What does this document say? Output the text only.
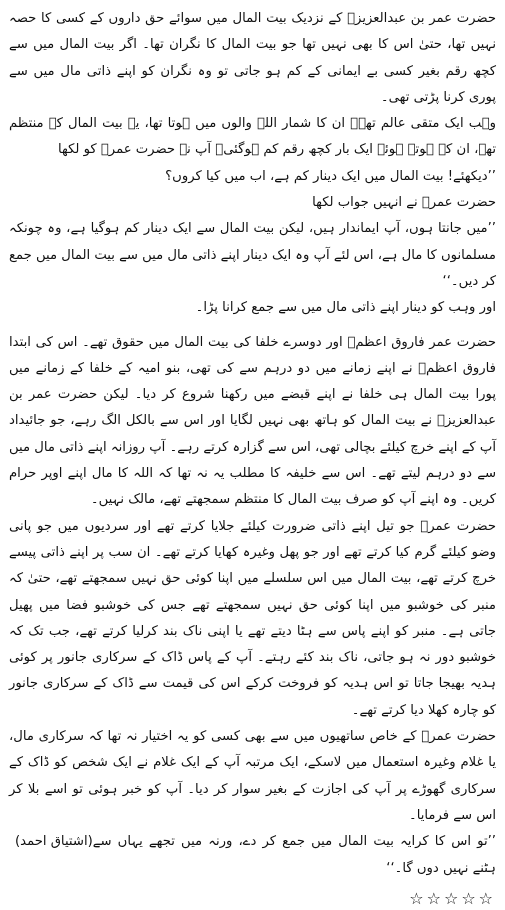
حضرت عمر بن عبدالعزیزؒ کے نزدیک بیت المال میں سوائے حق داروں کے کسی کا حصہ نہیں تھا، حتیٰ اس کا بھی نہیں تھا جو بیت المال کا نگران تھا۔ اگر بیت المال میں سے کچھ رقم بغیر کسی بے ایمانی کے کم ہو جاتی تو وہ نگران کو اپنے ذاتی مال میں سے پوری کرنا پڑتی تھی۔

وہب ایک متقی عالم تھے۔ ان کا شمار اللہ والوں میں ہوتا تھا، یہ بیت المال کے منتظم تھے، ان کے ہوتے ہوئے ایک بار کچھ رقم کم ہوگئی۔ آپ نے حضرت عمرؒ کو لکھا

’’دیکھئے! بیت المال میں ایک دینار کم ہے، اب میں کیا کروں؟

حضرت عمرؒ نے انہیں جواب لکھا

’’میں جانتا ہوں، آپ ایماندار ہیں، لیکن بیت المال سے ایک دینار کم ہوگیا ہے، وہ چونکہ مسلمانوں کا مال ہے، اس لئے آپ وہ ایک دینار اپنے ذاتی مال میں سے بیت المال میں جمع کر دیں۔‘‘

اور وہب کو دینار اپنے ذاتی مال میں سے جمع کرانا پڑا۔

حضرت عمر فاروق اعظمؓ اور دوسرے خلفا کی بیت المال میں حقوق تھے۔ اس کی ابتدا فاروق اعظمؓ نے اپنے زمانے میں دو درہم سے کی تھی، بنو امیہ کے خلفا کے زمانے میں پورا بیت المال ہی خلفا نے اپنے قبضے میں رکھنا شروع کر دیا۔ لیکن حضرت عمر بن عبدالعزیزؒ نے بیت المال کو ہاتھ بھی نہیں لگایا اور اس سے بالکل الگ رہے، جو جائیداد آپ کے اپنے خرچ کیلئے بچالی تھی، اس سے گزارہ کرتے رہے۔ آپ روزانہ اپنے ذاتی مال میں سے دو درہم لیتے تھے۔ اس سے خلیفہ کا مطلب یہ نہ تھا کہ اللہ کا مال اپنے اوپر حرام کریں۔ وہ اپنے آپ کو صرف بیت المال کا منتظم سمجھتے تھے، مالک نہیں۔

حضرت عمرؒ جو تیل اپنے ذاتی ضرورت کیلئے جلایا کرتے تھے اور سردیوں میں جو پانی وضو کیلئے گرم کیا کرتے تھے اور جو پھل وغیرہ کھایا کرتے تھے۔ ان سب پر اپنے ذاتی پیسے خرچ کرتے تھے، بیت المال میں اس سلسلے میں اپنا کوئی حق نہیں سمجھتے تھے، حتیٰ کہ منبر کی خوشبو میں اپنا کوئی حق نہیں سمجھتے تھے جس کی خوشبو فضا میں پھیل جاتی ہے۔ منبر کو اپنے پاس سے ہٹا دیتے تھے یا اپنی ناک بند کرلیا کرتے تھے، جب تک کہ خوشبو دور نہ ہو جاتی، ناک بند کئے رہتے۔ آپ کے پاس ڈاک کے سرکاری جانور پر کوئی ہدیہ بھیجا جاتا تو اس ہدیہ کو فروخت کرکے اس کی قیمت سے ڈاک کے سرکاری جانور کو چارہ کھلا دیا کرتے تھے۔

حضرت عمرؒ کے خاص ساتھیوں میں سے بھی کسی کو یہ اختیار نہ تھا کہ سرکاری مال، یا غلام وغیرہ استعمال میں لاسکے، ایک مرتبہ آپ کے ایک غلام نے ایک شخص کو ڈاک کے سرکاری گھوڑے پر آپ کی اجازت کے بغیر سوار کر دیا۔ آپ کو خبر ہوئی تو اسے بلا کر اس سے فرمایا۔

’’تو اس کا کرایہ بیت المال میں جمع کر دے، ورنہ میں تجھے یہاں سے ہٹنے نہیں دوں گا۔‘‘
(اشتیاق احمد)
☆☆☆☆☆
